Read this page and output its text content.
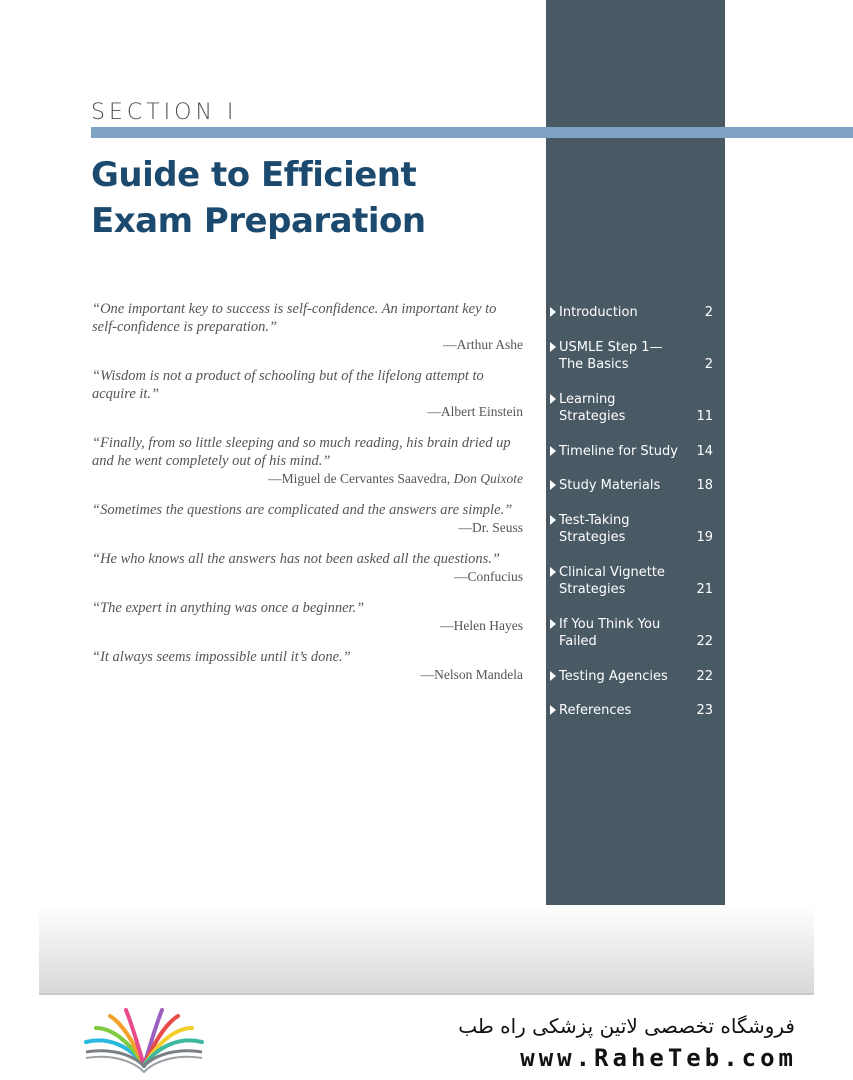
SECTION I
Guide to Efficient
Exam Preparation
“One important key to success is self-confidence. An important key to self-confidence is preparation.”
—Arthur Ashe
“Wisdom is not a product of schooling but of the lifelong attempt to acquire it.”
—Albert Einstein
“Finally, from so little sleeping and so much reading, his brain dried up and he went completely out of his mind.”
—Miguel de Cervantes Saavedra, Don Quixote
“Sometimes the questions are complicated and the answers are simple.”
—Dr. Seuss
“He who knows all the answers has not been asked all the questions.”
—Confucius
“The expert in anything was once a beginner.”
—Helen Hayes
“It always seems impossible until it’s done.”
—Nelson Mandela
Introduction	2
USMLE Step 1—The Basics	2
Learning Strategies	11
Timeline for Study	14
Study Materials	18
Test-Taking Strategies	19
Clinical Vignette Strategies	21
If You Think You Failed	22
Testing Agencies	22
References	23
فروشگاه تخصصی لاتین پزشکی راه طب
www.RaheTeb.com
